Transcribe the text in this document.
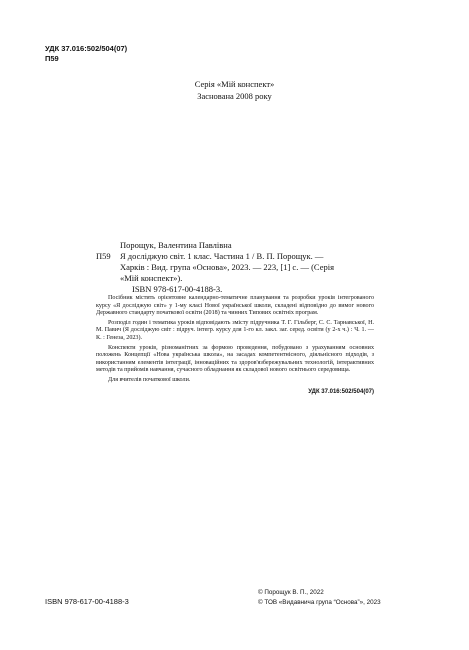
УДК 37.016:502/504(07)
П59
Серія «Мій конспект»
Заснована 2008 року
Порощук, Валентина Павлівна
П59 Я досліджую світ. 1 клас. Частина 1 / В. П. Порощук. —
Харків : Вид. група «Основа», 2023. — 223, [1] с. — (Серія
«Мій конспект»).
ISBN 978-617-00-4188-3.

Посібник містить орієнтовне календарно-тематичне планування та розробки уроків інтегрованого курсу «Я досліджую світ» у 1-му класі Нової української школи, складені відповідно до вимог нового Державного стандарту початкової освіти (2018) та чинних Типових освітніх програм.

Розподіл годин і тематика уроків відповідають змісту підручника Т. Г. Гільберг, С. С. Тарнавської, Н. М. Павич (Я досліджую світ : підруч. інтегр. курсу для 1-го кл. закл. заг. серед. освіти (у 2-х ч.) : Ч. 1. — К. : Генеза, 2023).

Конспекти уроків, різноманітних за формою проведення, побудовано з урахуванням основних положень Концепції «Нова українська школа», на засадах компетентнісного, діяльнісного підходів, з використанням елементів інтеграції, інноваційних та здоров'язбережувальних технологій, інтерактивних методів та прийомів навчання, сучасного обладнання як складової нового освітнього середовища.

Для вчителів початкової школи.

УДК 37.016:502/504(07)
ISBN 978-617-00-4188-3
© Порощук В. П., 2022
© ТОВ «Видавнича група “Основа”», 2023
